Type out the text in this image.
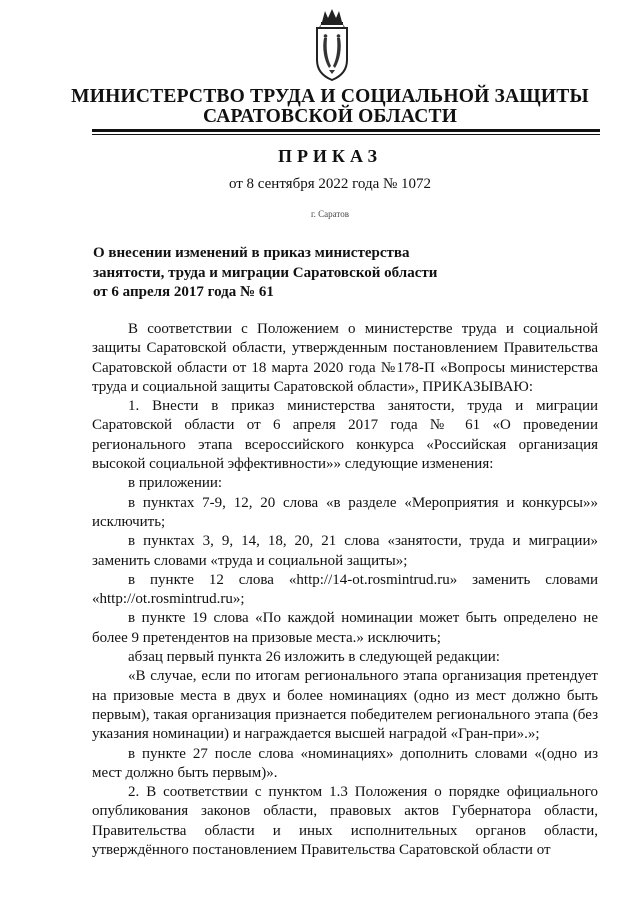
МИНИСТЕРСТВО ТРУДА И СОЦИАЛЬНОЙ ЗАЩИТЫ
САРАТОВСКОЙ ОБЛАСТИ
ПРИКАЗ
от 8 сентября 2022 года № 1072
г. Саратов
О внесении изменений в приказ министерства
занятости, труда и миграции Саратовской области
от 6 апреля 2017 года № 61

В соответствии с Положением о министерстве труда и социальной защиты Саратовской области, утвержденным постановлением Правительства Саратовской области от 18 марта 2020 года №178-П «Вопросы министерства труда и социальной защиты Саратовской области», ПРИКАЗЫВАЮ:

1. Внести в приказ министерства занятости, труда и миграции Саратовской области от 6 апреля 2017 года № 61 «О проведении регионального этапа всероссийского конкурса «Российская организация высокой социальной эффективности»» следующие изменения:

в приложении:

в пунктах 7-9, 12, 20 слова «в разделе «Мероприятия и конкурсы»» исключить;

в пунктах 3, 9, 14, 18, 20, 21 слова «занятости, труда и миграции» заменить словами «труда и социальной защиты»;

в пункте 12 слова «http://14-ot.rosmintrud.ru» заменить словами «http://ot.rosmintrud.ru»;

в пункте 19 слова «По каждой номинации может быть определено не более 9 претендентов на призовые места.» исключить;

абзац первый пункта 26 изложить в следующей редакции:

«В случае, если по итогам регионального этапа организация претендует на призовые места в двух и более номинациях (одно из мест должно быть первым), такая организация признается победителем регионального этапа (без указания номинации) и награждается высшей наградой «Гран-при».»;

в пункте 27 после слова «номинациях» дополнить словами «(одно из мест должно быть первым)».

2. В соответствии с пунктом 1.3 Положения о порядке официального опубликования законов области, правовых актов Губернатора области, Правительства области и иных исполнительных органов области, утверждённого постановлением Правительства Саратовской области от
